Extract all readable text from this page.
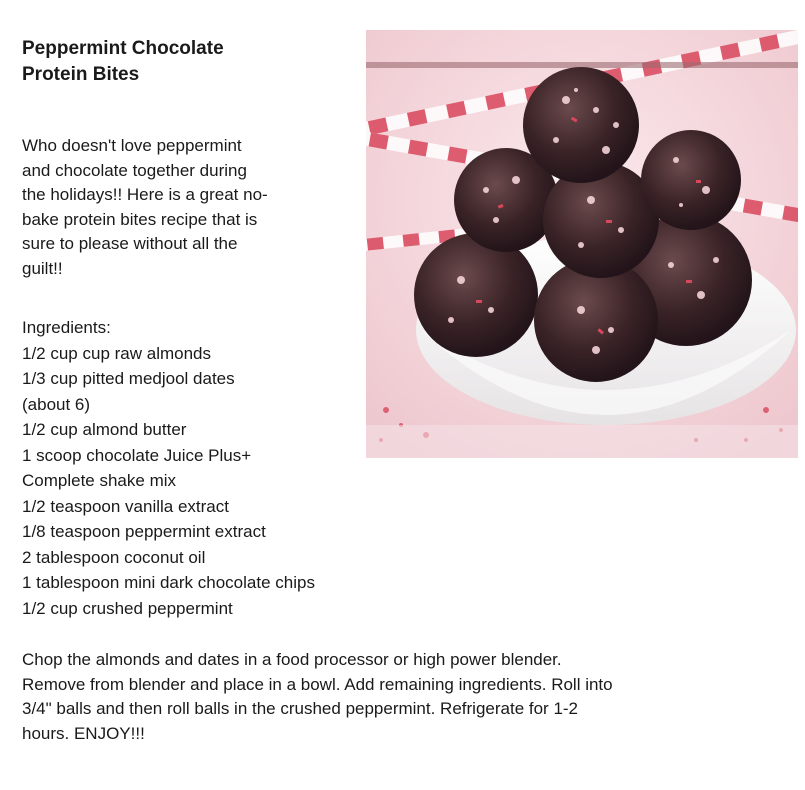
Peppermint Chocolate
Protein Bites
Who doesn't love peppermint
and chocolate together during
the holidays!! Here is a great no-
bake protein bites recipe that is
sure to please without all the
guilt!!
Ingredients:
1/2 cup cup raw almonds
1/3 cup pitted medjool dates
(about 6)
1/2 cup almond butter
1 scoop chocolate Juice Plus+
Complete shake mix
1/2 teaspoon vanilla extract
1/8 teaspoon peppermint extract
2 tablespoon coconut oil
1 tablespoon mini dark chocolate chips
1/2 cup crushed peppermint
Chop the almonds and dates in a food processor or high power blender.
Remove from blender and place in a bowl. Add remaining ingredients. Roll into
3/4" balls and then roll balls in the crushed peppermint. Refrigerate for 1-2
hours. ENJOY!!!
